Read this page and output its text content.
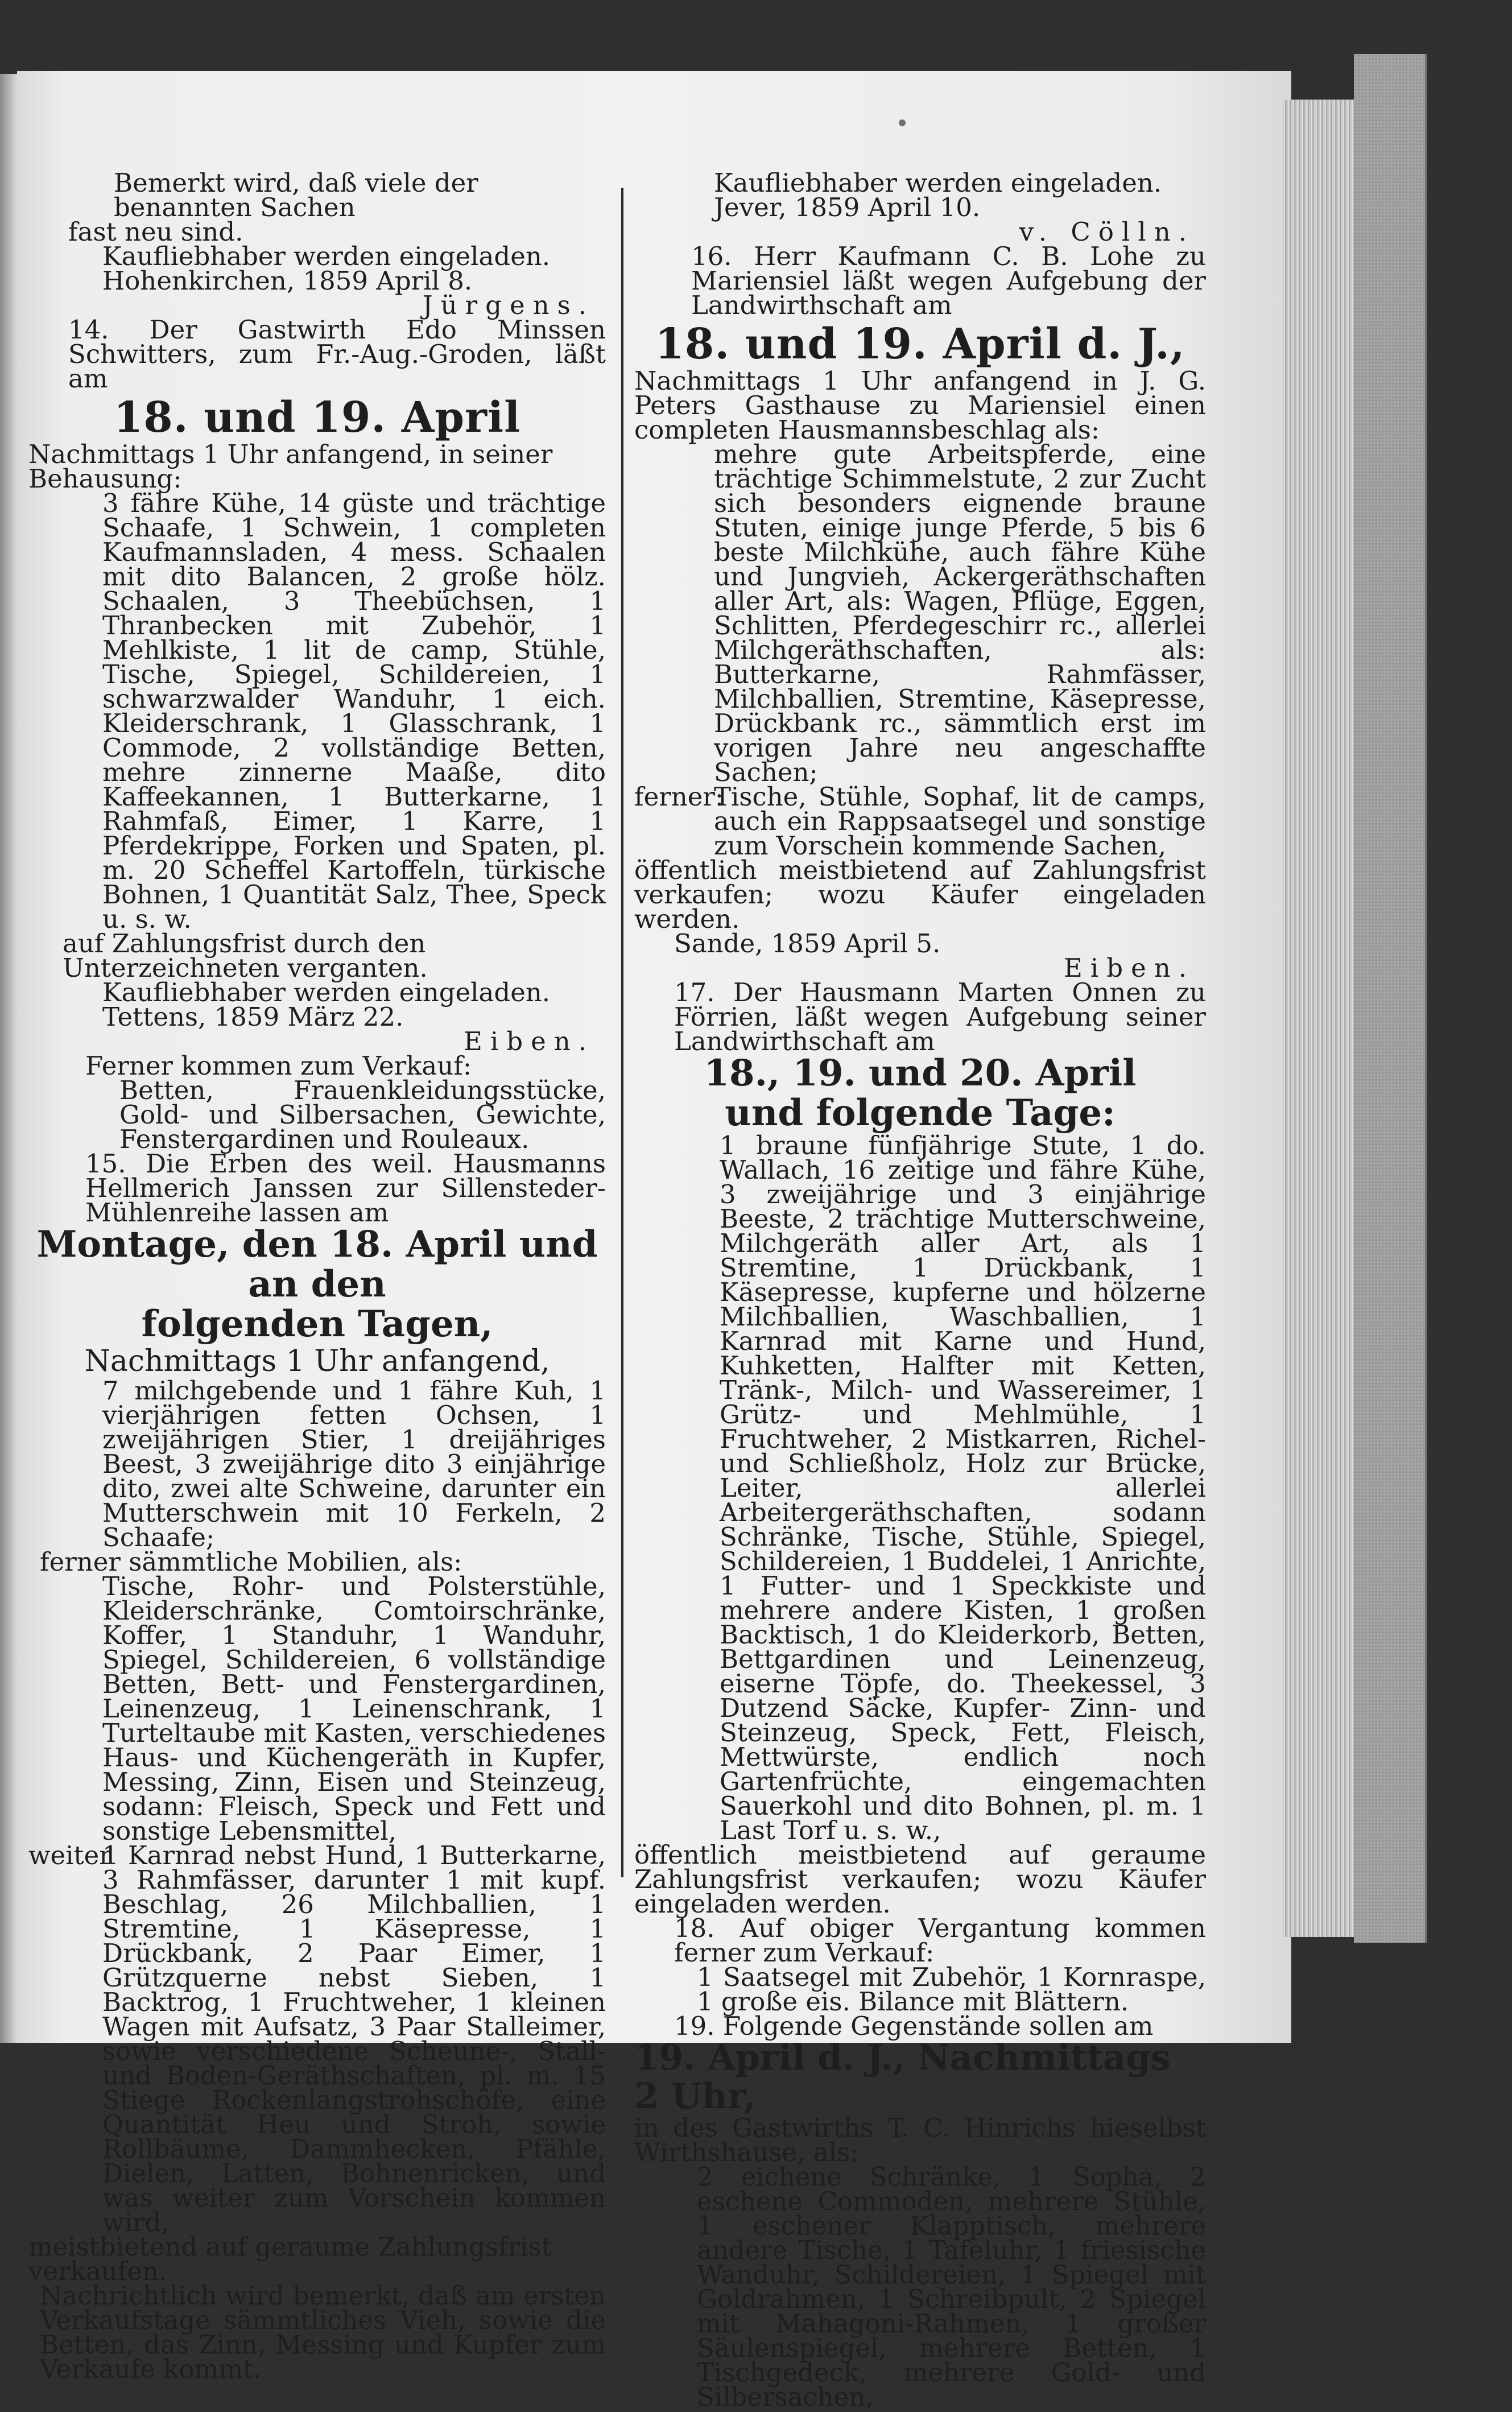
Bemerkt wird, daß viele der benannten Sachen

fast neu sind.

Kaufliebhaber werden eingeladen.

Hohenkirchen, 1859 April 8.

Jürgens.

14. Der Gastwirth Edo Minssen Schwitters, zum Fr.-Aug.-Groden, läßt am

18. und 19. April

Nachmittags 1 Uhr anfangend, in seiner Behausung:

3 fähre Kühe, 14 güste und trächtige Schaafe, 1 Schwein, 1 completen Kaufmannsladen, 4 mess. Schaalen mit dito Balancen, 2 große hölz. Schaalen, 3 Theebüchsen, 1 Thranbecken mit Zubehör, 1 Mehlkiste, 1 lit de camp, Stühle, Tische, Spiegel, Schildereien, 1 schwarzwalder Wanduhr, 1 eich. Kleiderschrank, 1 Glasschrank, 1 Commode, 2 vollständige Betten, mehre zinnerne Maaße, dito Kaffeekannen, 1 Butterkarne, 1 Rahmfaß, Eimer, 1 Karre, 1 Pferdekrippe, Forken und Spaten, pl. m. 20 Scheffel Kartoffeln, türkische Bohnen, 1 Quantität Salz, Thee, Speck u. s. w.

auf Zahlungsfrist durch den Unterzeichneten verganten.

Kaufliebhaber werden eingeladen.

Tettens, 1859 März 22.

Eiben.

Ferner kommen zum Verkauf:

Betten, Frauenkleidungsstücke, Gold- und Silbersachen, Gewichte, Fenstergardinen und Rouleaux.

15. Die Erben des weil. Hausmanns Hellmerich Janssen zur Sillensteder-Mühlenreihe lassen am

Montage, den 18. April und an den

folgenden Tagen,

Nachmittags 1 Uhr anfangend,

7 milchgebende und 1 fähre Kuh, 1 vierjährigen fetten Ochsen, 1 zweijährigen Stier, 1 dreijähriges Beest, 3 zweijährige dito 3 einjährige dito, zwei alte Schweine, darunter ein Mutterschwein mit 10 Ferkeln, 2 Schaafe;

ferner sämmtliche Mobilien, als:

Tische, Rohr- und Polsterstühle, Kleiderschränke, Comtoirschränke, Koffer, 1 Standuhr, 1 Wanduhr, Spiegel, Schildereien, 6 vollständige Betten, Bett- und Fenstergardinen, Leinenzeug, 1 Leinenschrank, 1 Turteltaube mit Kasten, verschiedenes Haus- und Küchengeräth in Kupfer, Messing, Zinn, Eisen und Steinzeug, sodann: Fleisch, Speck und Fett und sonstige Lebensmittel,

weiter

1 Karnrad nebst Hund, 1 Butterkarne, 3 Rahmfässer, darunter 1 mit kupf. Beschlag, 26 Milchballien, 1 Stremtine, 1 Käsepresse, 1 Drückbank, 2 Paar Eimer, 1 Grützquerne nebst Sieben, 1 Backtrog, 1 Fruchtweher, 1 kleinen Wagen mit Aufsatz, 3 Paar Stalleimer, sowie verschiedene Scheune-, Stall- und Boden-Geräthschaften, pl. m. 15 Stiege Rockenlangstrohschöfe, eine Quantität Heu und Stroh, sowie Rollbäume, Dammhecken, Pfähle, Dielen, Latten, Bohnenricken, und was weiter zum Vorschein kommen wird,

meistbietend auf geraume Zahlungsfrist verkaufen.

Nachrichtlich wird bemerkt, daß am ersten Verkaufstage sämmtliches Vieh, sowie die Betten, das Zinn, Messing und Kupfer zum Verkaufe kommt.

Kaufliebhaber werden eingeladen.

Jever, 1859 April 10.

v. Cölln.

16. Herr Kaufmann C. B. Lohe zu Mariensiel läßt wegen Aufgebung der Landwirthschaft am

18. und 19. April d. J.,

Nachmittags 1 Uhr anfangend in J. G. Peters Gasthause zu Mariensiel einen completen Hausmannsbeschlag als:

mehre gute Arbeitspferde, eine trächtige Schimmelstute, 2 zur Zucht sich besonders eignende braune Stuten, einige junge Pferde, 5 bis 6 beste Milchkühe, auch fähre Kühe und Jungvieh, Ackergeräthschaften aller Art, als: Wagen, Pflüge, Eggen, Schlitten, Pferdegeschirr rc., allerlei Milchgeräthschaften, als: Butterkarne, Rahmfässer, Milchballien, Stremtine, Käsepresse, Drückbank rc., sämmtlich erst im vorigen Jahre neu angeschaffte Sachen;

ferner:

Tische, Stühle, Sophaf, lit de camps, auch ein Rappsaatsegel und sonstige zum Vorschein kommende Sachen,

öffentlich meistbietend auf Zahlungsfrist verkaufen; wozu Käufer eingeladen werden.

Sande, 1859 April 5.

Eiben.

17. Der Hausmann Marten Onnen zu Förrien, läßt wegen Aufgebung seiner Landwirthschaft am

18., 19. und 20. April

und folgende Tage:

1 braune fünfjährige Stute, 1 do. Wallach, 16 zeitige und fähre Kühe, 3 zweijährige und 3 einjährige Beeste, 2 trächtige Mutterschweine, Milchgeräth aller Art, als 1 Stremtine, 1 Drückbank, 1 Käsepresse, kupferne und hölzerne Milchballien, Waschballien, 1 Karnrad mit Karne und Hund, Kuhketten, Halfter mit Ketten, Tränk-, Milch- und Wassereimer, 1 Grütz- und Mehlmühle, 1 Fruchtweher, 2 Mistkarren, Richel- und Schließholz, Holz zur Brücke, Leiter, allerlei Arbeitergeräthschaften, sodann Schränke, Tische, Stühle, Spiegel, Schildereien, 1 Buddelei, 1 Anrichte, 1 Futter- und 1 Speckkiste und mehrere andere Kisten, 1 großen Backtisch, 1 do Kleiderkorb, Betten, Bettgardinen und Leinenzeug, eiserne Töpfe, do. Theekessel, 3 Dutzend Säcke, Kupfer- Zinn- und Steinzeug, Speck, Fett, Fleisch, Mettwürste, endlich noch Gartenfrüchte, eingemachten Sauerkohl und dito Bohnen, pl. m. 1 Last Torf u. s. w.,

öffentlich meistbietend auf geraume Zahlungsfrist verkaufen; wozu Käufer eingeladen werden.

18. Auf obiger Vergantung kommen ferner zum Verkauf:

1 Saatsegel mit Zubehör, 1 Kornraspe, 1 große eis. Bilance mit Blättern.

19. Folgende Gegenstände sollen am

19. April d. J., Nachmittags 2 Uhr,

in des Gastwirths T. C. Hinrichs hieselbst Wirthshause, als:

2 eichene Schränke, 1 Sopha, 2 eschene Commoden, mehrere Stühle, 1 eschener Klapptisch, mehrere andere Tische, 1 Tafeluhr, 1 friesische Wanduhr, Schildereien, 1 Spiegel mit Goldrahmen, 1 Schreibpult, 2 Spiegel mit Mahagoni-Rahmen, 1 großer Säulenspiegel, mehrere Betten, 1 Tischgedeck, mehrere Gold- und Silbersachen,
